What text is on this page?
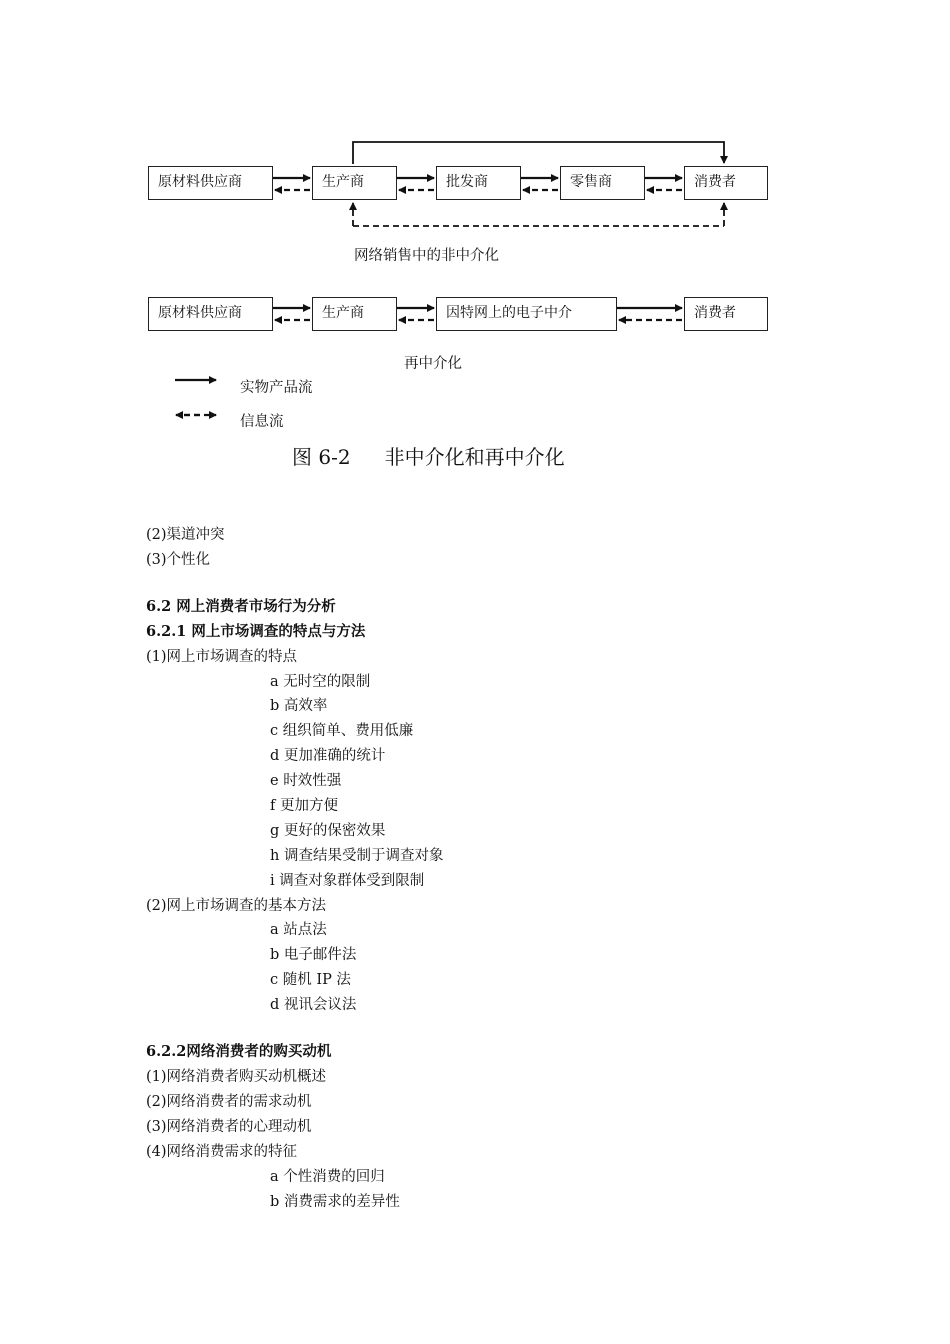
原材料供应商	生产商	批发商	零售商	消费者
网络销售中的非中介化
原材料供应商	生产商	因特网上的电子中介	消费者
再中介化
实物产品流
信息流
图 6-2 非中介化和再中介化
(2)渠道冲突
(3)个性化
6.2 网上消费者市场行为分析
6.2.1 网上市场调查的特点与方法
(1)网上市场调查的特点
a 无时空的限制
b 高效率
c 组织简单、费用低廉
d 更加准确的统计
e 时效性强
f 更加方便
g 更好的保密效果
h 调查结果受制于调查对象
i 调查对象群体受到限制
(2)网上市场调查的基本方法
a 站点法
b 电子邮件法
c 随机 IP 法
d 视讯会议法
6.2.2网络消费者的购买动机
(1)网络消费者购买动机概述
(2)网络消费者的需求动机
(3)网络消费者的心理动机
(4)网络消费需求的特征
a 个性消费的回归
b 消费需求的差异性
